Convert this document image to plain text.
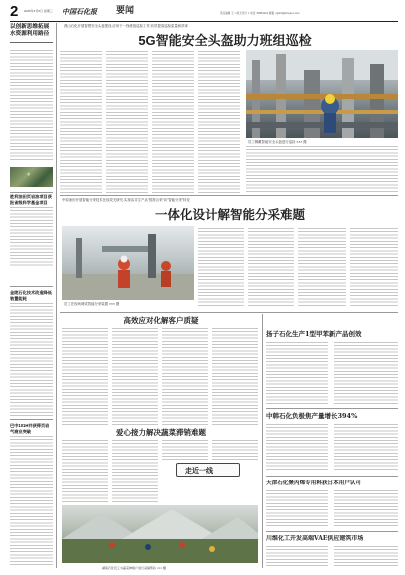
2 2025年3月5日 星期三 中国石化报 要闻	责任编辑 王 × 版式设计 × 电话: 59963214 邮箱: zgshb@sinopec.com
以创新思维拓展水资源利用路径
✧
胜利油田页岩油项目获批省级科学基金项目
金陵石化技术改造降低装置能耗
巴中101H井获得页岩气商业突破
燕山石化开展智慧安全头盔建设,应用于一线班组巡检工作,有效提高巡检质量和效率
5G智能安全头盔助力班组巡检
员工佩戴智能安全头盔进行巡检 ××× 摄
中原油田开展智能分采技术比较攻关研究,实现由井生产从"按需合采"向"智能分采"转变
一体化设计解智能分采难题
员工在现场调试智能分采装置 ××× 摄
高效应对化解客户质疑
爱心接力解决蔬菜滞销难题
走近一线
湖南石化员工为蔬菜种植户进行采摘帮扶 ××× 摄
扬子石化生产1型甲苯新产品创效
中韩石化负极焦产量增长394%
天津石化聚丙烯专用料获日本用户认可
川维化工开发高端VAE供应建筑市场
